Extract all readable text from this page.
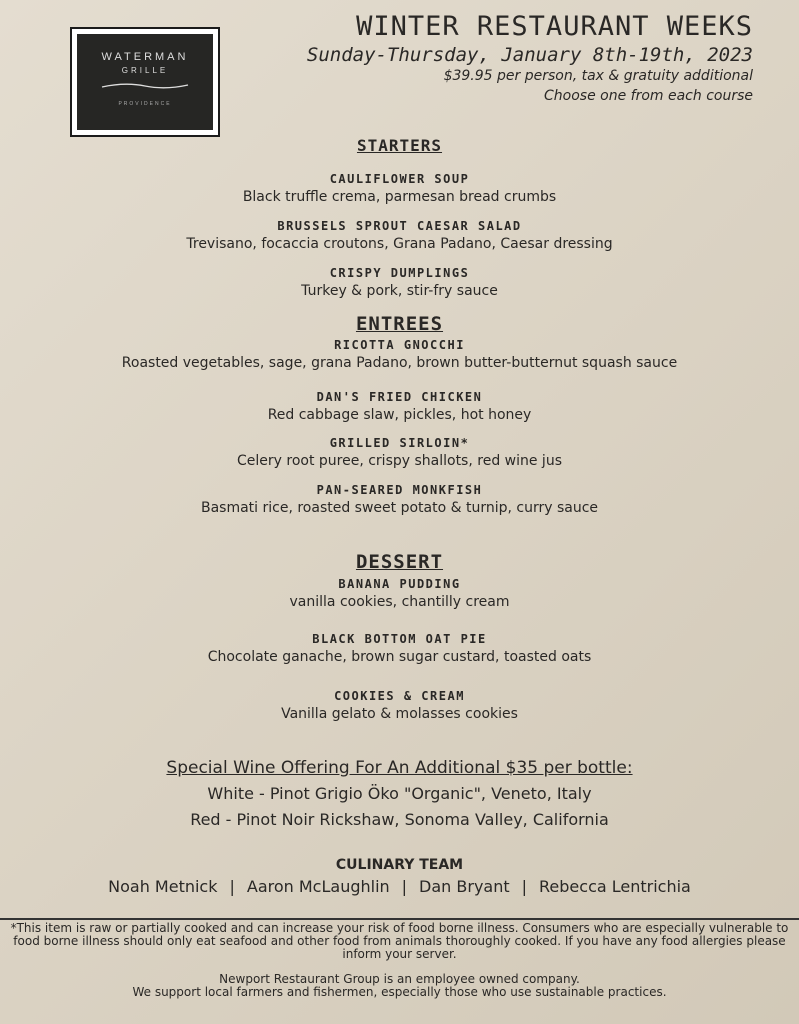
WATERMAN
GRILLE
PROVIDENCE
WINTER RESTAURANT WEEKS
Sunday-Thursday, January 8th-19th, 2023
$39.95 per person, tax & gratuity additional
Choose one from each course
STARTERS
CAULIFLOWER SOUP
Black truffle crema, parmesan bread crumbs
BRUSSELS SPROUT CAESAR SALAD
Trevisano, focaccia croutons, Grana Padano, Caesar dressing
CRISPY DUMPLINGS
Turkey & pork, stir-fry sauce
ENTREES
RICOTTA GNOCCHI
Roasted vegetables, sage, grana Padano, brown butter-butternut squash sauce
DAN'S FRIED CHICKEN
Red cabbage slaw, pickles, hot honey
GRILLED SIRLOIN*
Celery root puree, crispy shallots, red wine jus
PAN-SEARED MONKFISH
Basmati rice, roasted sweet potato & turnip, curry sauce
DESSERT
BANANA PUDDING
vanilla cookies, chantilly cream
BLACK BOTTOM OAT PIE
Chocolate ganache, brown sugar custard, toasted oats
COOKIES & CREAM
Vanilla gelato & molasses cookies
Special Wine Offering For An Additional $35 per bottle:
White - Pinot Grigio Öko "Organic", Veneto, Italy
Red - Pinot Noir Rickshaw, Sonoma Valley, California
CULINARY TEAM
Noah Metnick | Aaron McLaughlin | Dan Bryant | Rebecca Lentrichia
*This item is raw or partially cooked and can increase your risk of food borne illness. Consumers who are especially vulnerable to food borne illness should only eat seafood and other food from animals thoroughly cooked. If you have any food allergies please inform your server.
Newport Restaurant Group is an employee owned company.
We support local farmers and fishermen, especially those who use sustainable practices.
